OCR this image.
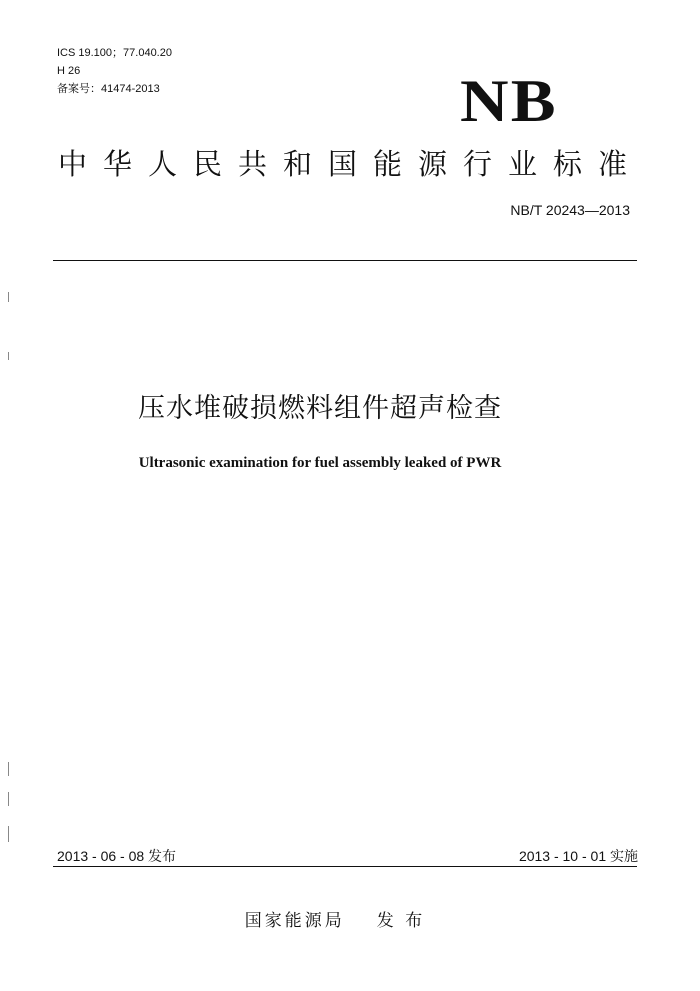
ICS 19.100；77.040.20
H 26
备案号：41474-2013	NB
中华人民共和国能源行业标准
NB/T 20243—2013
压水堆破损燃料组件超声检查
Ultrasonic examination for fuel assembly leaked of PWR
2013 - 06 - 08 发布	2013 - 10 - 01 实施
国家能源局 发 布
